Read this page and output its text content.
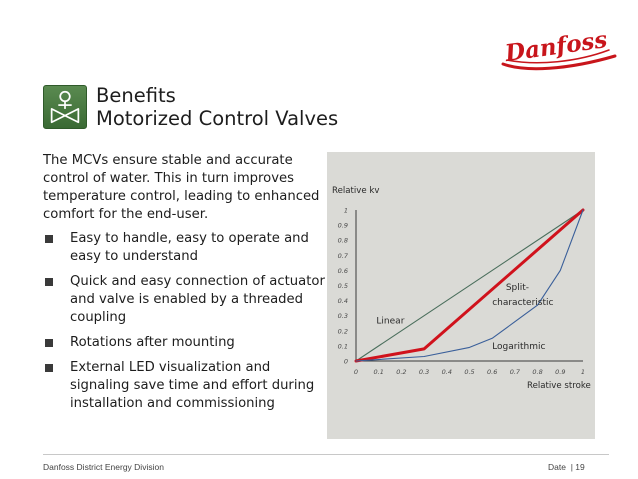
Danfoss
Benefits
Motorized Control Valves

The MCVs ensure stable and accurate control of water. This in turn improves temperature control, leading to enhanced comfort for the end-user.

Easy to handle, easy to operate and easy to understand
Quick and easy connection of actuator and valve is enabled by a threaded coupling
Rotations after mounting
External LED visualization and signaling save time and effort during installation and commissioning
0
0.1
0.2
0.3
0.4
0.5
0.6
0.7
0.8
0.9
1
0 0.1 0.2 0.3 0.4 0.5 0.6 0.7 0.8 0.9 1
Relative kv
Relative stroke
Linear
Split-
characteristic
Logarithmic
Danfoss District Energy Division	Date | 19
